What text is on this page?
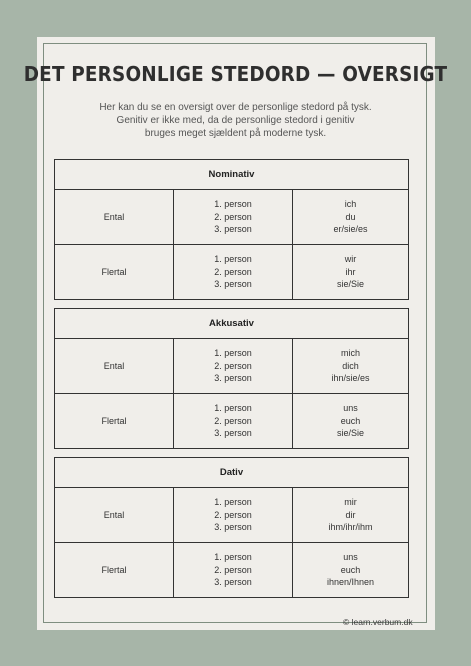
DET PERSONLIGE STEDORD — OVERSIGT

Her kan du se en oversigt over de personlige stedord på tysk.
Genitiv er ikke med, da de personlige stedord i genitiv
bruges meget sjældent på moderne tysk.

Nominativ
Ental
1. person
2. person
3. person
ich
du
er/sie/es
Flertal
1. person
2. person
3. person
wir
ihr
sie/Sie
Akkusativ
Ental
1. person
2. person
3. person
mich
dich
ihn/sie/es
Flertal
1. person
2. person
3. person
uns
euch
sie/Sie
Dativ
Ental
1. person
2. person
3. person
mir
dir
ihm/ihr/ihm
Flertal
1. person
2. person
3. person
uns
euch
ihnen/Ihnen
© learn.verbum.dk
